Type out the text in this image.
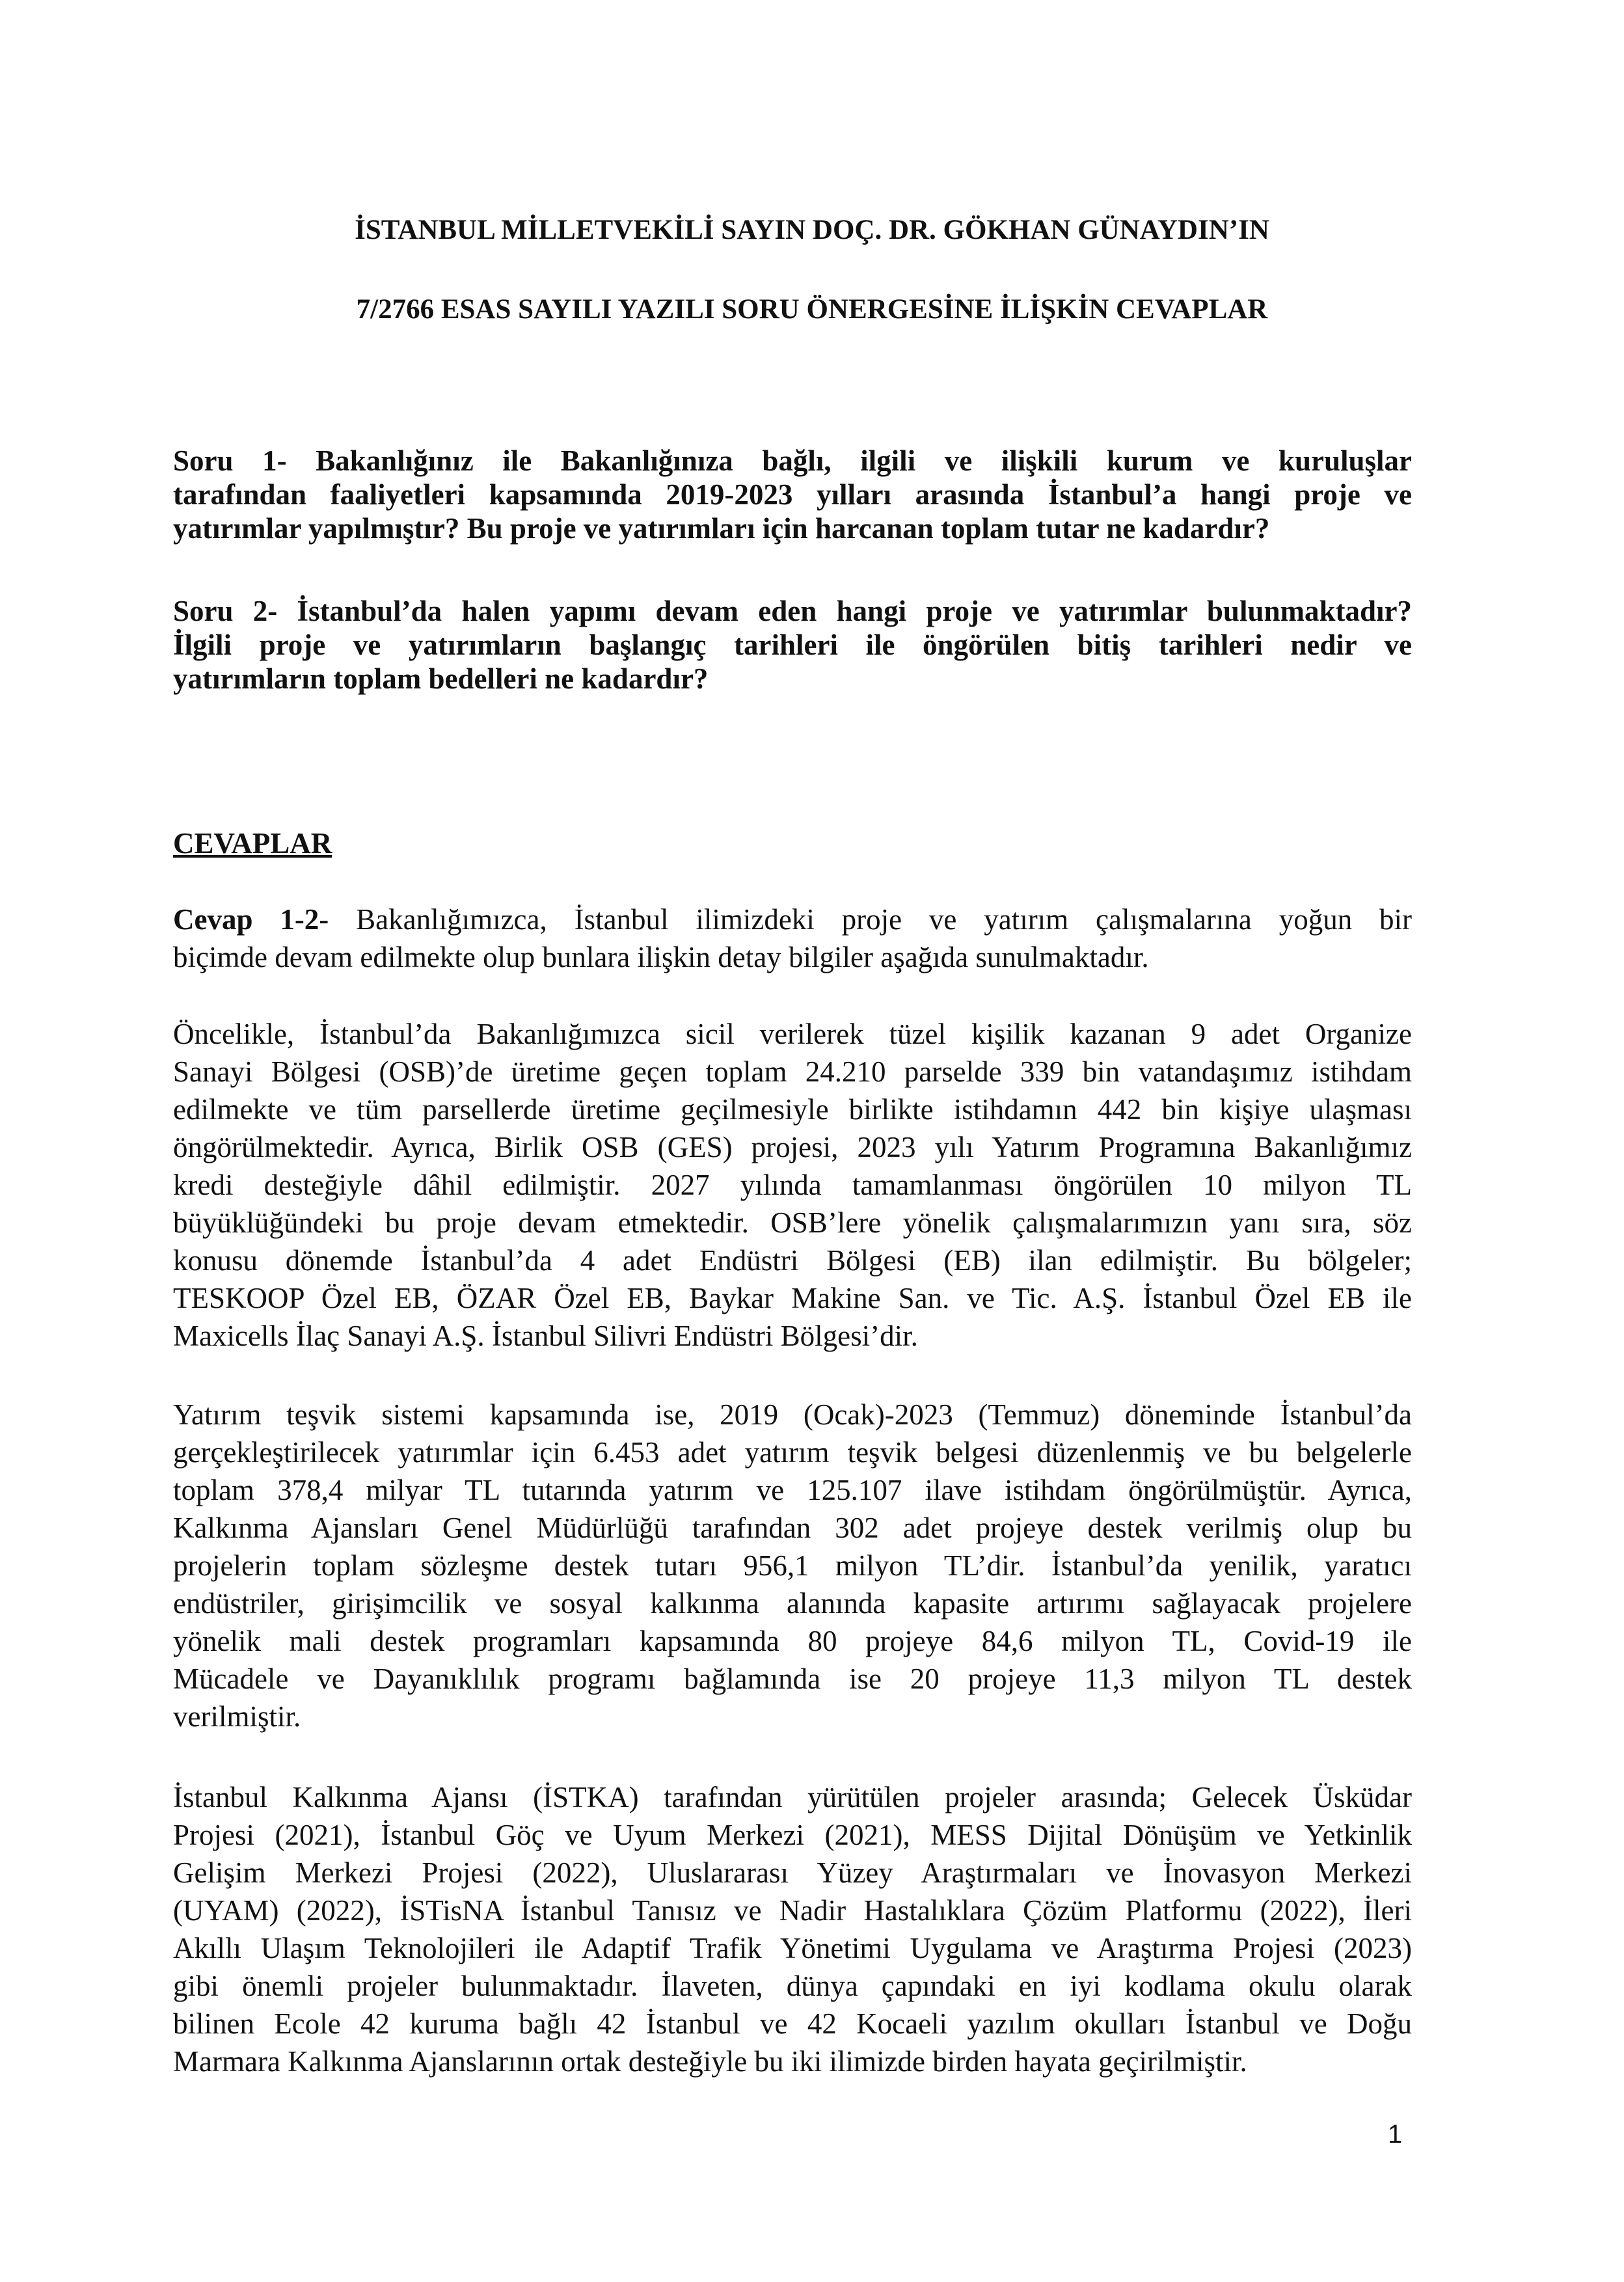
İSTANBUL MİLLETVEKİLİ SAYIN DOÇ. DR. GÖKHAN GÜNAYDIN’IN
7/2766 ESAS SAYILI YAZILI SORU ÖNERGESİNE İLİŞKİN CEVAPLAR
Soru 1- Bakanlığınız ile Bakanlığınıza bağlı, ilgili ve ilişkili kurum ve kuruluşlar
tarafından faaliyetleri kapsamında 2019-2023 yılları arasında İstanbul’a hangi proje ve
yatırımlar yapılmıştır? Bu proje ve yatırımları için harcanan toplam tutar ne kadardır?
Soru 2- İstanbul’da halen yapımı devam eden hangi proje ve yatırımlar bulunmaktadır?
İlgili proje ve yatırımların başlangıç tarihleri ile öngörülen bitiş tarihleri nedir ve
yatırımların toplam bedelleri ne kadardır?
CEVAPLAR
Cevap 1-2- Bakanlığımızca, İstanbul ilimizdeki proje ve yatırım çalışmalarına yoğun bir
biçimde devam edilmekte olup bunlara ilişkin detay bilgiler aşağıda sunulmaktadır.
Öncelikle, İstanbul’da Bakanlığımızca sicil verilerek tüzel kişilik kazanan 9 adet Organize
Sanayi Bölgesi (OSB)’de üretime geçen toplam 24.210 parselde 339 bin vatandaşımız istihdam
edilmekte ve tüm parsellerde üretime geçilmesiyle birlikte istihdamın 442 bin kişiye ulaşması
öngörülmektedir. Ayrıca, Birlik OSB (GES) projesi, 2023 yılı Yatırım Programına Bakanlığımız
kredi desteğiyle dâhil edilmiştir. 2027 yılında tamamlanması öngörülen 10 milyon TL
büyüklüğündeki bu proje devam etmektedir. OSB’lere yönelik çalışmalarımızın yanı sıra, söz
konusu dönemde İstanbul’da 4 adet Endüstri Bölgesi (EB) ilan edilmiştir. Bu bölgeler;
TESKOOP Özel EB, ÖZAR Özel EB, Baykar Makine San. ve Tic. A.Ş. İstanbul Özel EB ile
Maxicells İlaç Sanayi A.Ş. İstanbul Silivri Endüstri Bölgesi’dir.
Yatırım teşvik sistemi kapsamında ise, 2019 (Ocak)-2023 (Temmuz) döneminde İstanbul’da
gerçekleştirilecek yatırımlar için 6.453 adet yatırım teşvik belgesi düzenlenmiş ve bu belgelerle
toplam 378,4 milyar TL tutarında yatırım ve 125.107 ilave istihdam öngörülmüştür. Ayrıca,
Kalkınma Ajansları Genel Müdürlüğü tarafından 302 adet projeye destek verilmiş olup bu
projelerin toplam sözleşme destek tutarı 956,1 milyon TL’dir. İstanbul’da yenilik, yaratıcı
endüstriler, girişimcilik ve sosyal kalkınma alanında kapasite artırımı sağlayacak projelere
yönelik mali destek programları kapsamında 80 projeye 84,6 milyon TL, Covid-19 ile
Mücadele ve Dayanıklılık programı bağlamında ise 20 projeye 11,3 milyon TL destek
verilmiştir.
İstanbul Kalkınma Ajansı (İSTKA) tarafından yürütülen projeler arasında; Gelecek Üsküdar
Projesi (2021), İstanbul Göç ve Uyum Merkezi (2021), MESS Dijital Dönüşüm ve Yetkinlik
Gelişim Merkezi Projesi (2022), Uluslararası Yüzey Araştırmaları ve İnovasyon Merkezi
(UYAM) (2022), İSTisNA İstanbul Tanısız ve Nadir Hastalıklara Çözüm Platformu (2022), İleri
Akıllı Ulaşım Teknolojileri ile Adaptif Trafik Yönetimi Uygulama ve Araştırma Projesi (2023)
gibi önemli projeler bulunmaktadır. İlaveten, dünya çapındaki en iyi kodlama okulu olarak
bilinen Ecole 42 kuruma bağlı 42 İstanbul ve 42 Kocaeli yazılım okulları İstanbul ve Doğu
Marmara Kalkınma Ajanslarının ortak desteğiyle bu iki ilimizde birden hayata geçirilmiştir.
1
